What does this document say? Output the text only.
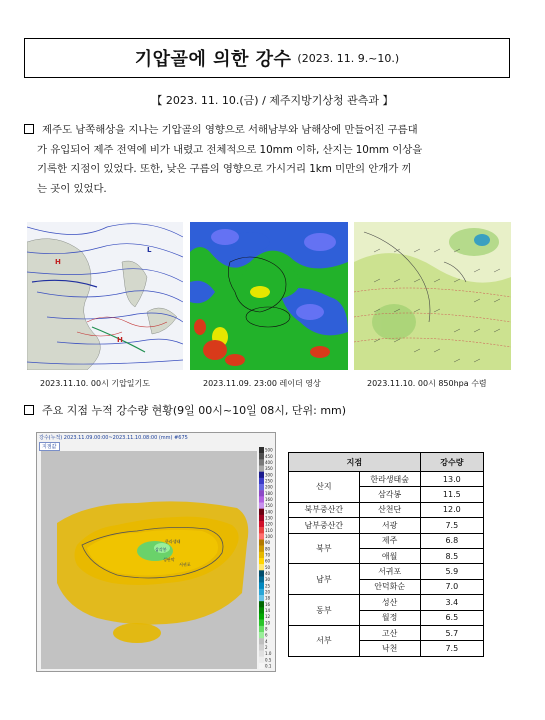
기압골에 의한 강수 (2023. 11. 9.~10.)
【 2023. 11. 10.(금) / 제주지방기상청 관측과 】
제주도 남쪽해상을 지나는 기압골의 영향으로 서해남부와 남해상에 만들어진 구름대
가 유입되어 제주 전역에 비가 내렸고 전체적으로 10mm 이하, 산지는 10mm 이상을
기록한 지점이 있었다. 또한, 낮은 구름의 영향으로 가시거리 1km 미만의 안개가 끼
는 곳이 있었다.
H
L
H
2023.11.10. 00시 기압일기도	2023.11.09. 23:00 레이더 영상	2023.11.10. 00시 850hpa 수렴
주요 지점 누적 강수량 현황(9일 00시~10일 08시, 단위: mm)
강수(누적) 2023.11.09.00:00~2023.11.10.08:00 (mm) #675
지점값
한라생태
삼각봉
성판악
서귀포
500
450
400
350
300
250
200
180
160
150
140
130
120
110
100
90
80
70
60
50
40
30
25
20
18
16
14
12
10
8
6
4
2
1.0
0.5
0.1
지점		강수량
산지	한라생태숲	13.0
	삼각봉	11.5
북부중산간	산천단	12.0
남부중산간	서광	7.5
북부	제주	6.8
	애월	8.5
남부	서귀포	5.9
	안덕화순	7.0
동부	성산	3.4
	월정	6.5
서부	고산	5.7
	낙천	7.5
